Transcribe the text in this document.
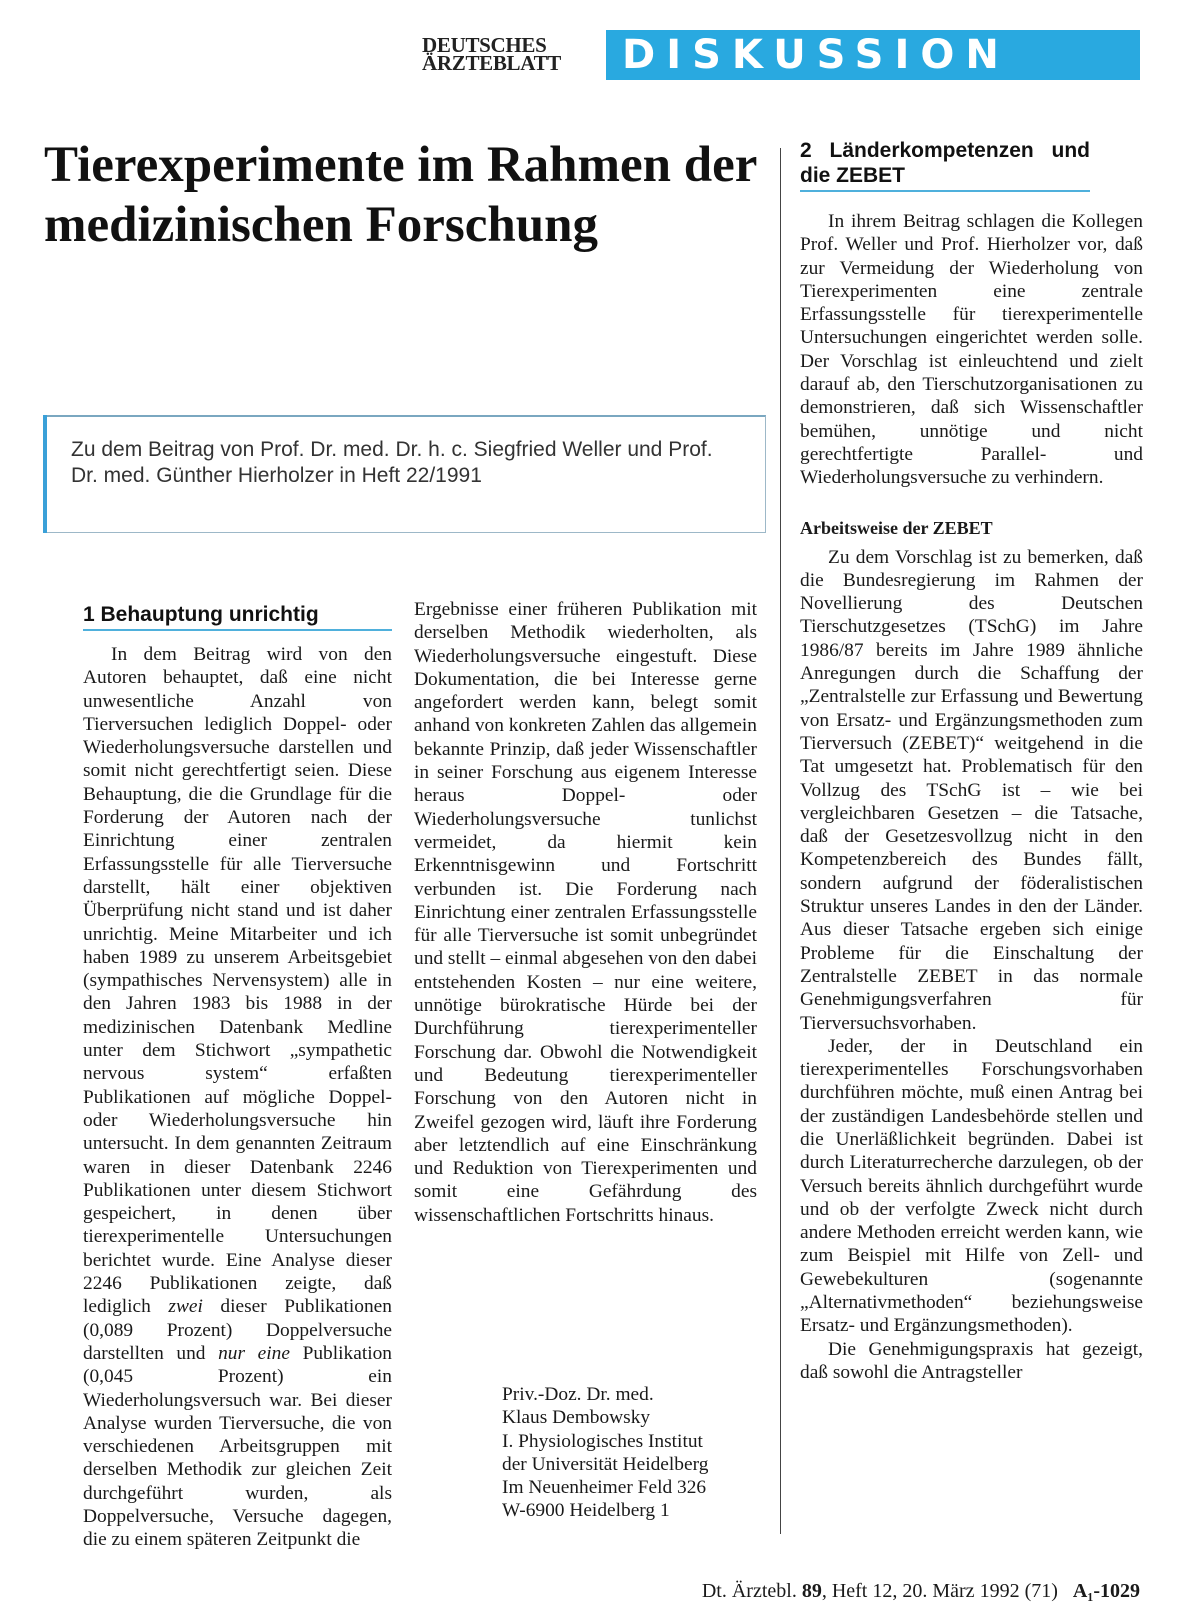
DEUTSCHES
ÄRZTEBLATT	DISKUSSION
Tierexperimente im Rahmen der medizinischen Forschung
Zu dem Beitrag von Prof. Dr. med. Dr. h. c. Siegfried Weller und Prof. Dr. med. Günther Hierholzer in Heft 22/1991
1 Behauptung unrichtig

In dem Beitrag wird von den Autoren behauptet, daß eine nicht unwesentliche Anzahl von Tierversuchen lediglich Doppel- oder Wiederholungsversuche darstellen und somit nicht gerechtfertigt seien. Diese Behauptung, die die Grundlage für die Forderung der Autoren nach der Einrichtung einer zentralen Erfassungsstelle für alle Tierversuche darstellt, hält einer objektiven Überprüfung nicht stand und ist daher unrichtig. Meine Mitarbeiter und ich haben 1989 zu unserem Arbeitsgebiet (sympathisches Nervensystem) alle in den Jahren 1983 bis 1988 in der medizinischen Datenbank Medline unter dem Stichwort „sympathetic nervous system“ erfaßten Publikationen auf mögliche Doppel- oder Wiederholungsversuche hin untersucht. In dem genannten Zeitraum waren in dieser Datenbank 2246 Publikationen unter diesem Stichwort gespeichert, in denen über tierexperimentelle Untersuchungen berichtet wurde. Eine Analyse dieser 2246 Publikationen zeigte, daß lediglich zwei dieser Publikationen (0,089 Prozent) Doppelversuche darstellten und nur eine Publikation (0,045 Prozent) ein Wiederholungsversuch war. Bei dieser Analyse wurden Tierversuche, die von verschiedenen Arbeitsgruppen mit derselben Methodik zur gleichen Zeit durchgeführt wurden, als Doppelversuche, Versuche dagegen, die zu einem späteren Zeitpunkt die

Ergebnisse einer früheren Publikation mit derselben Methodik wiederholten, als Wiederholungsversuche eingestuft. Diese Dokumentation, die bei Interesse gerne angefordert werden kann, belegt somit anhand von konkreten Zahlen das allgemein bekannte Prinzip, daß jeder Wissenschaftler in seiner Forschung aus eigenem Interesse heraus Doppel- oder Wiederholungsversuche tunlichst vermeidet, da hiermit kein Erkenntnisgewinn und Fortschritt verbunden ist. Die Forderung nach Einrichtung einer zentralen Erfassungsstelle für alle Tierversuche ist somit unbegründet und stellt – einmal abgesehen von den dabei entstehenden Kosten – nur eine weitere, unnötige bürokratische Hürde bei der Durchführung tierexperimenteller Forschung dar. Obwohl die Notwendigkeit und Bedeutung tierexperimenteller Forschung von den Autoren nicht in Zweifel gezogen wird, läuft ihre Forderung aber letztendlich auf eine Einschränkung und Reduktion von Tierexperimenten und somit eine Gefährdung des wissenschaftlichen Fortschritts hinaus.

Priv.-Doz. Dr. med.
Klaus Dembowsky
I. Physiologisches Institut
der Universität Heidelberg
Im Neuenheimer Feld 326
W-6900 Heidelberg 1
2 Länderkompetenzen und die ZEBET

In ihrem Beitrag schlagen die Kollegen Prof. Weller und Prof. Hierholzer vor, daß zur Vermeidung der Wiederholung von Tierexperimenten eine zentrale Erfassungsstelle für tierexperimentelle Untersuchungen eingerichtet werden solle. Der Vorschlag ist einleuchtend und zielt darauf ab, den Tierschutzorganisationen zu demonstrieren, daß sich Wissenschaftler bemühen, unnötige und nicht gerechtfertigte Parallel- und Wiederholungsversuche zu verhindern.

Arbeitsweise der ZEBET

Zu dem Vorschlag ist zu bemerken, daß die Bundesregierung im Rahmen der Novellierung des Deutschen Tierschutzgesetzes (TSchG) im Jahre 1986/87 bereits im Jahre 1989 ähnliche Anregungen durch die Schaffung der „Zentralstelle zur Erfassung und Bewertung von Ersatz- und Ergänzungsmethoden zum Tierversuch (ZEBET)“ weitgehend in die Tat umgesetzt hat. Problematisch für den Vollzug des TSchG ist – wie bei vergleichbaren Gesetzen – die Tatsache, daß der Gesetzesvollzug nicht in den Kompetenzbereich des Bundes fällt, sondern aufgrund der föderalistischen Struktur unseres Landes in den der Länder. Aus dieser Tatsache ergeben sich einige Probleme für die Einschaltung der Zentralstelle ZEBET in das normale Genehmigungsverfahren für Tierversuchsvorhaben.

Jeder, der in Deutschland ein tierexperimentelles Forschungsvorhaben durchführen möchte, muß einen Antrag bei der zuständigen Landesbehörde stellen und die Unerläßlichkeit begründen. Dabei ist durch Literaturrecherche darzulegen, ob der Versuch bereits ähnlich durchgeführt wurde und ob der verfolgte Zweck nicht durch andere Methoden erreicht werden kann, wie zum Beispiel mit Hilfe von Zell- und Gewebekulturen (sogenannte „Alternativmethoden“ beziehungsweise Ersatz- und Ergänzungsmethoden).

Die Genehmigungspraxis hat gezeigt, daß sowohl die Antragsteller

Dt. Ärztebl. 89, Heft 12, 20. März 1992 (71) A₁-1029
